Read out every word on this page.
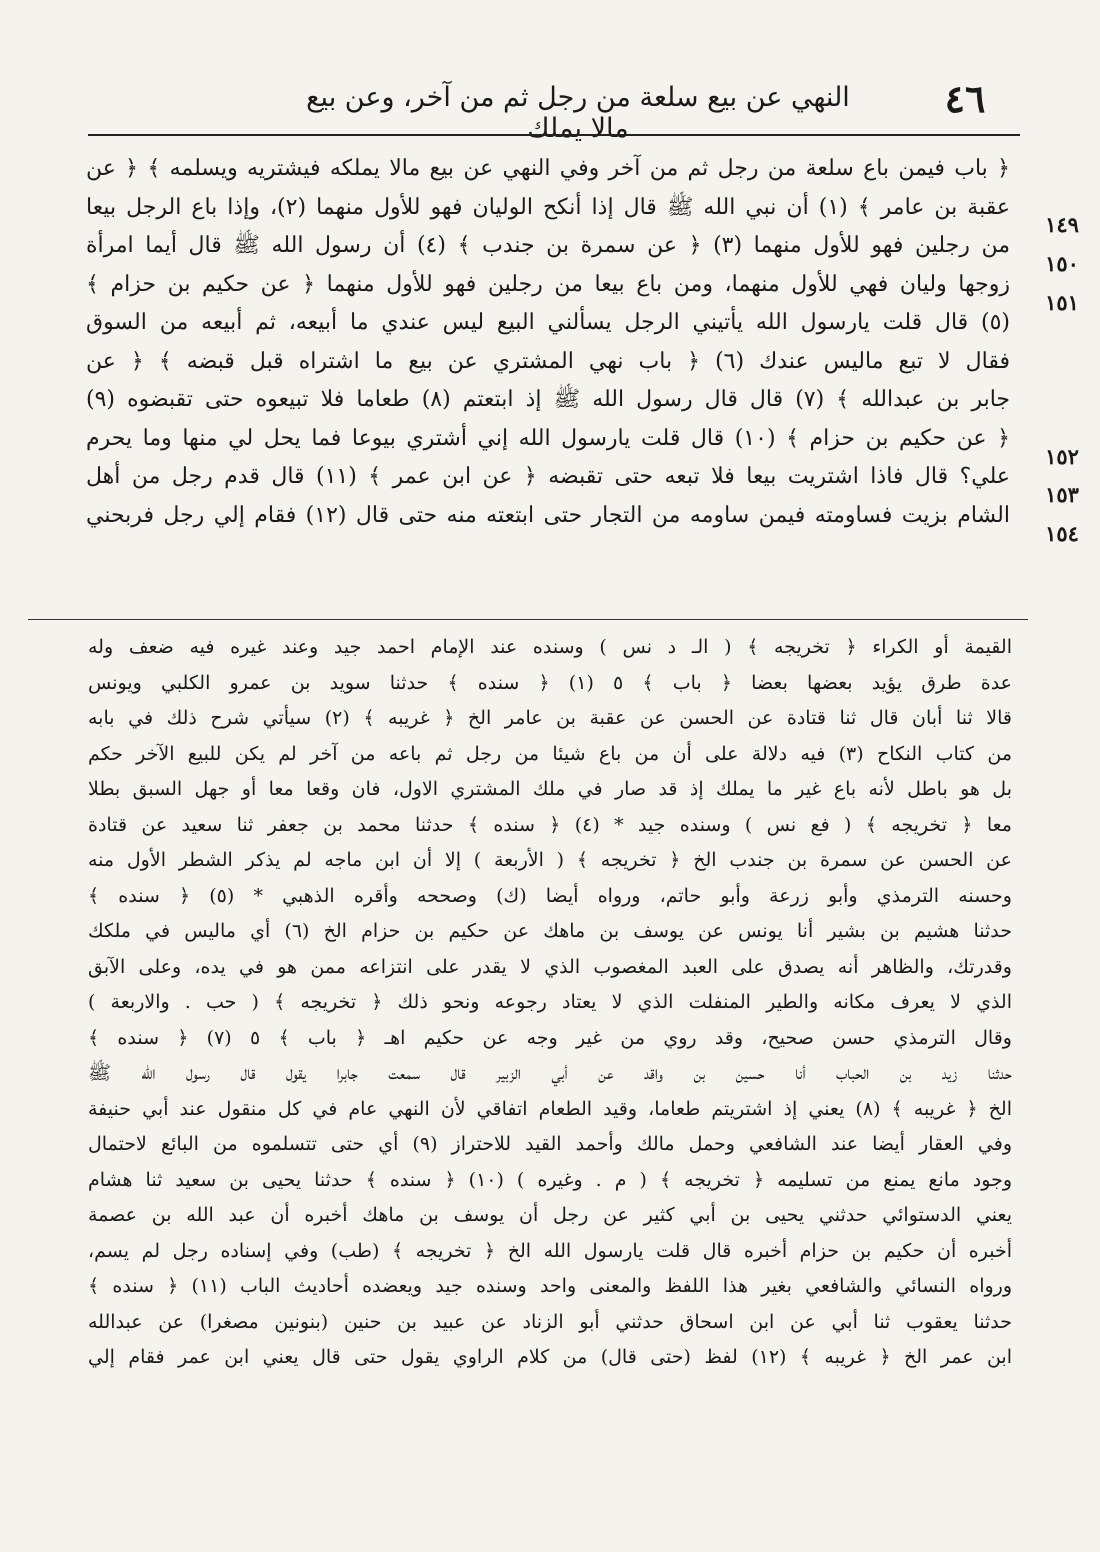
النهي عن بيع سلعة من رجل ثم من آخر، وعن بيع مالا يملك
٤٦
﴿ باب فيمن باع سلعة من رجل ثم من آخر وفي النهي عن بيع مالا يملكه فيشتريه ويسلمه ﴾ ﴿ عن
عقبة بن عامر ﴾ (١) أن نبي الله ﷺ قال إذا أنكح الوليان فهو للأول منهما (٢)، وإذا باع الرجل بيعا
من رجلين فهو للأول منهما (٣) ﴿ عن سمرة بن جندب ﴾ (٤) أن رسول الله ﷺ قال أيما امرأة
زوجها وليان فهي للأول منهما، ومن باع بيعا من رجلين فهو للأول منهما ﴿ عن حكيم بن حزام ﴾
(٥) قال قلت يارسول الله يأتيني الرجل يسألني البيع ليس عندي ما أبيعه، ثم أبيعه من السوق
فقال لا تبع ماليس عندك (٦) ﴿ باب نهي المشتري عن بيع ما اشتراه قبل قبضه ﴾ ﴿ عن
جابر بن عبدالله ﴾ (٧) قال قال رسول الله ﷺ إذ ابتعتم (٨) طعاما فلا تبيعوه حتى تقبضوه (٩)
﴿ عن حكيم بن حزام ﴾ (١٠) قال قلت يارسول الله إني أشتري بيوعا فما يحل لي منها وما يحرم
علي؟ قال فاذا اشتريت بيعا فلا تبعه حتى تقبضه ﴿ عن ابن عمر ﴾ (١١) قال قدم رجل من أهل
الشام بزيت فساومته فيمن ساومه من التجار حتى ابتعته منه حتى قال (١٢) فقام إلي رجل فربحني
١٤٩
١٥٠
١٥١
١٥٢
١٥٣
١٥٤
القيمة أو الكراء ﴿ تخريجه ﴾ ( الـ د نس ) وسنده عند الإمام احمد جيد وعند غيره فيه ضعف وله
عدة طرق يؤيد بعضها بعضا ﴿ باب ﴾ ٥ (١) ﴿ سنده ﴾ حدثنا سويد بن عمرو الكلبي ويونس
قالا ثنا أبان قال ثنا قتادة عن الحسن عن عقبة بن عامر الخ ﴿ غريبه ﴾ (٢) سيأتي شرح ذلك في بابه
من كتاب النكاح (٣) فيه دلالة على أن من باع شيئا من رجل ثم باعه من آخر لم يكن للبيع الآخر حكم
بل هو باطل لأنه باع غير ما يملك إذ قد صار في ملك المشتري الاول، فان وقعا معا أو جهل السبق بطلا
معا ﴿ تخريجه ﴾ ( فع نس ) وسنده جيد * (٤) ﴿ سنده ﴾ حدثنا محمد بن جعفر ثنا سعيد عن قتادة
عن الحسن عن سمرة بن جندب الخ ﴿ تخريجه ﴾ ( الأربعة ) إلا أن ابن ماجه لم يذكر الشطر الأول منه
وحسنه الترمذي وأبو زرعة وأبو حاتم، ورواه أيضا (ك) وصححه وأقره الذهبي * (٥) ﴿ سنده ﴾
حدثنا هشيم بن بشير أنا يونس عن يوسف بن ماهك عن حكيم بن حزام الخ (٦) أي ماليس في ملكك
وقدرتك، والظاهر أنه يصدق على العبد المغصوب الذي لا يقدر على انتزاعه ممن هو في يده، وعلى الآبق
الذي لا يعرف مكانه والطير المنفلت الذي لا يعتاد رجوعه ونحو ذلك ﴿ تخريجه ﴾ ( حب . والاربعة )
وقال الترمذي حسن صحيح، وقد روي من غير وجه عن حكيم اهـ ﴿ باب ﴾ ٥ (٧) ﴿ سنده ﴾
حدثنا زيد بن الحباب أنا حسين بن واقد عن أبي الزبير قال سمعت جابرا يقول قال رسول الله ﷺ
الخ ﴿ غريبه ﴾ (٨) يعني إذ اشتريتم طعاما، وقيد الطعام اتفاقي لأن النهي عام في كل منقول عند أبي حنيفة
وفي العقار أيضا عند الشافعي وحمل مالك وأحمد القيد للاحتراز (٩) أي حتى تتسلموه من البائع لاحتمال
وجود مانع يمنع من تسليمه ﴿ تخريجه ﴾ ( م . وغيره ) (١٠) ﴿ سنده ﴾ حدثنا يحيى بن سعيد ثنا هشام
يعني الدستوائي حدثني يحيى بن أبي كثير عن رجل أن يوسف بن ماهك أخبره أن عبد الله بن عصمة
أخبره أن حكيم بن حزام أخبره قال قلت يارسول الله الخ ﴿ تخريجه ﴾ (طب) وفي إسناده رجل لم يسم،
ورواه النسائي والشافعي بغير هذا اللفظ والمعنى واحد وسنده جيد ويعضده أحاديث الباب (١١) ﴿ سنده ﴾
حدثنا يعقوب ثنا أبي عن ابن اسحاق حدثني أبو الزناد عن عبيد بن حنين (بنونين مصغرا) عن عبدالله
ابن عمر الخ ﴿ غريبه ﴾ (١٢) لفظ (حتى قال) من كلام الراوي يقول حتى قال يعني ابن عمر فقام إلي
